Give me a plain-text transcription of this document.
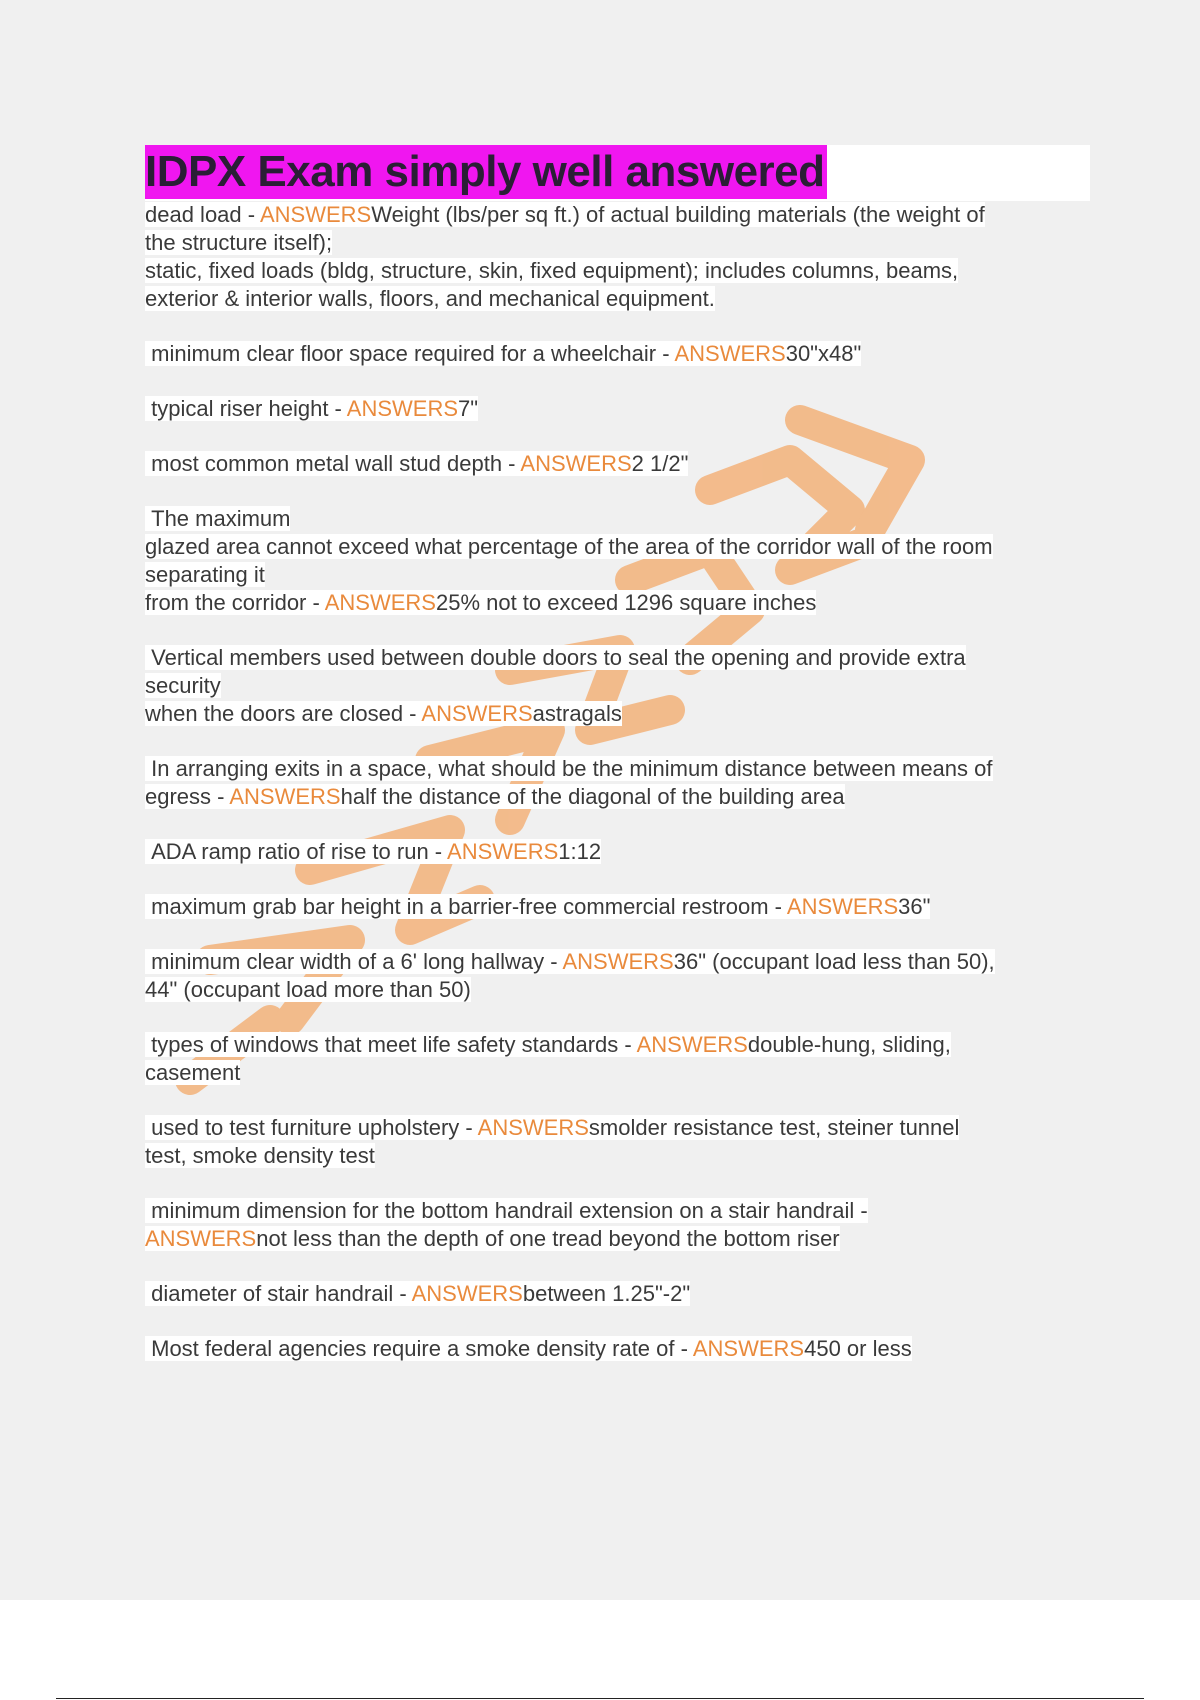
IDPX Exam simply well answered

dead load - ANSWERSWeight (lbs/per sq ft.) of actual building materials (the weight of
the structure itself);
static, fixed loads (bldg, structure, skin, fixed equipment); includes columns, beams,
exterior & interior walls, floors, and mechanical equipment.

minimum clear floor space required for a wheelchair - ANSWERS30"x48"

typical riser height - ANSWERS7"

most common metal wall stud depth - ANSWERS2 1/2"

The maximum
glazed area cannot exceed what percentage of the area of the corridor wall of the room
separating it
from the corridor - ANSWERS25% not to exceed 1296 square inches

Vertical members used between double doors to seal the opening and provide extra
security
when the doors are closed - ANSWERSastragals

In arranging exits in a space, what should be the minimum distance between means of
egress - ANSWERShalf the distance of the diagonal of the building area

ADA ramp ratio of rise to run - ANSWERS1:12

maximum grab bar height in a barrier-free commercial restroom - ANSWERS36"

minimum clear width of a 6' long hallway - ANSWERS36" (occupant load less than 50),
44" (occupant load more than 50)

types of windows that meet life safety standards - ANSWERSdouble-hung, sliding,
casement

used to test furniture upholstery - ANSWERSsmolder resistance test, steiner tunnel
test, smoke density test

minimum dimension for the bottom handrail extension on a stair handrail -
ANSWERSnot less than the depth of one tread beyond the bottom riser

diameter of stair handrail - ANSWERSbetween 1.25"-2"

Most federal agencies require a smoke density rate of - ANSWERS450 or less
